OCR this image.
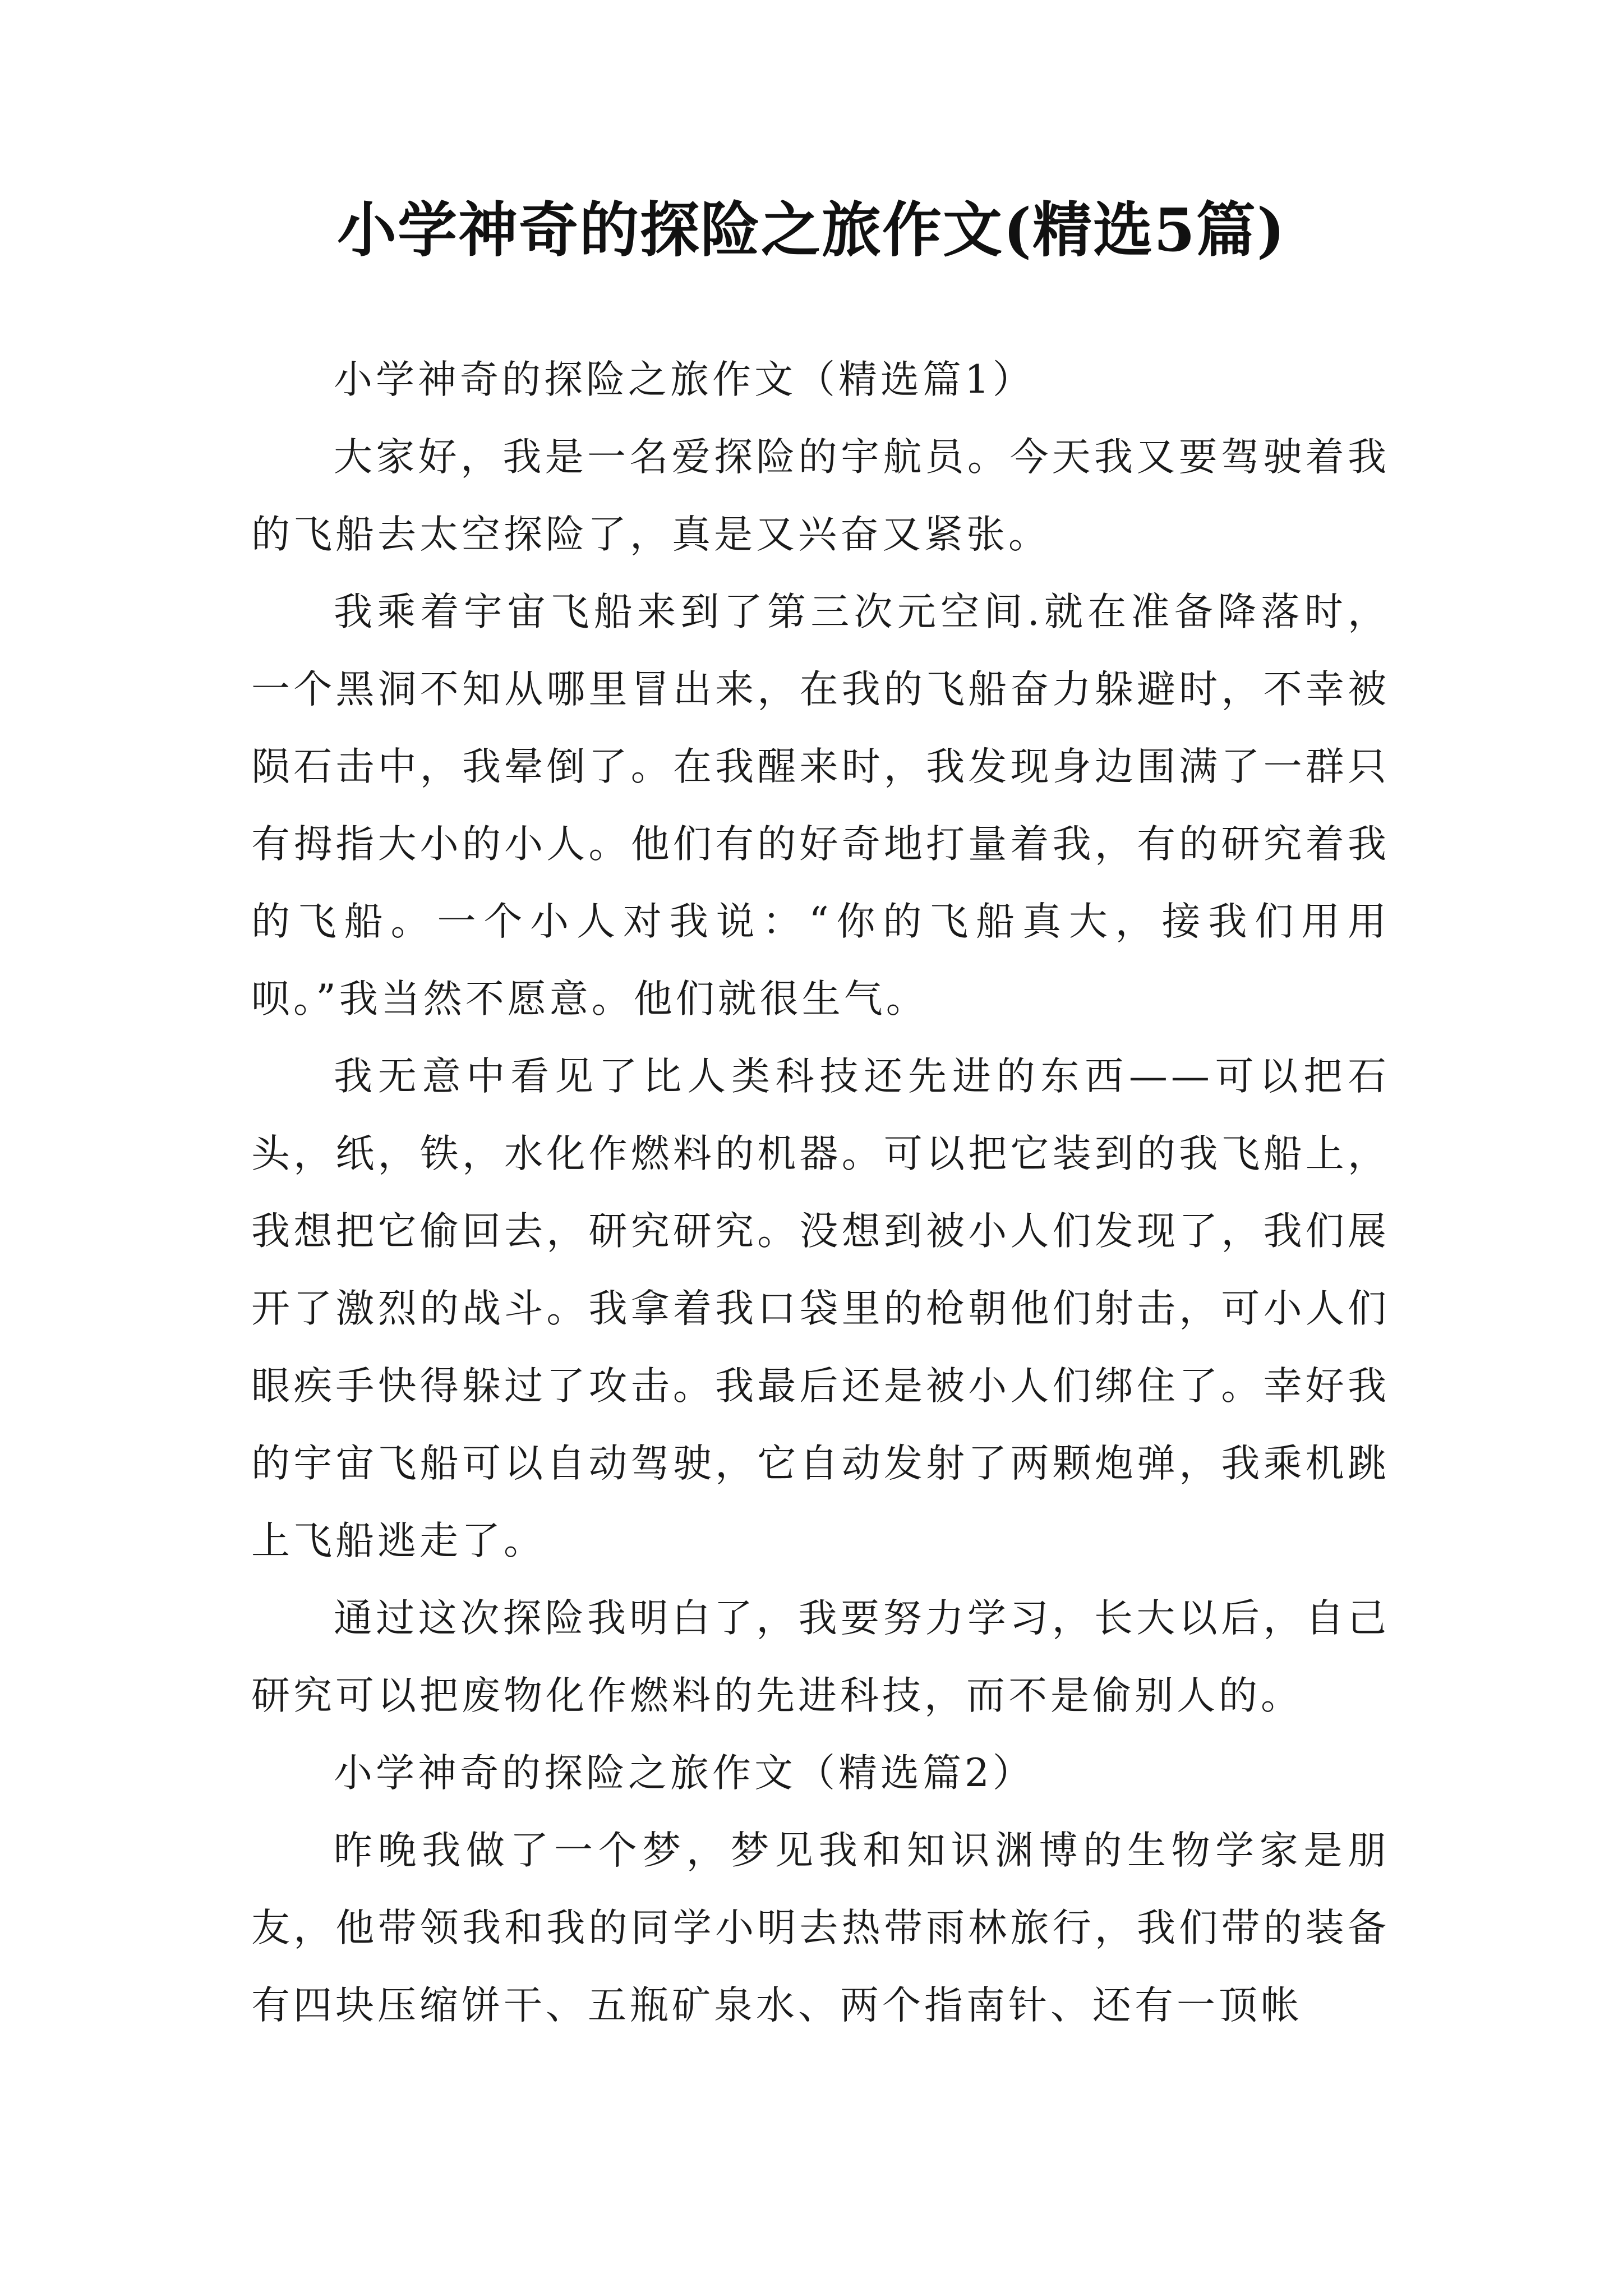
小学神奇的探险之旅作文(精选5篇)

小学神奇的探险之旅作文（精选篇1）

大家好，我是一名爱探险的宇航员。今天我又要驾驶着我的飞船去太空探险了，真是又兴奋又紧张。

我乘着宇宙飞船来到了第三次元空间.就在准备降落时，一个黑洞不知从哪里冒出来，在我的飞船奋力躲避时，不幸被陨石击中，我晕倒了。在我醒来时，我发现身边围满了一群只有拇指大小的小人。他们有的好奇地打量着我，有的研究着我的飞船。一个小人对我说：“你的飞船真大，接我们用用呗。”我当然不愿意。他们就很生气。

我无意中看见了比人类科技还先进的东西——可以把石头，纸，铁，水化作燃料的机器。可以把它装到的我飞船上，我想把它偷回去，研究研究。没想到被小人们发现了，我们展开了激烈的战斗。我拿着我口袋里的枪朝他们射击，可小人们眼疾手快得躲过了攻击。我最后还是被小人们绑住了。幸好我的宇宙飞船可以自动驾驶，它自动发射了两颗炮弹，我乘机跳上飞船逃走了。

通过这次探险我明白了，我要努力学习，长大以后，自己研究可以把废物化作燃料的先进科技，而不是偷别人的。

小学神奇的探险之旅作文（精选篇2）

昨晚我做了一个梦，梦见我和知识渊博的生物学家是朋友，他带领我和我的同学小明去热带雨林旅行，我们带的装备有四块压缩饼干、五瓶矿泉水、两个指南针、还有一顶帐
